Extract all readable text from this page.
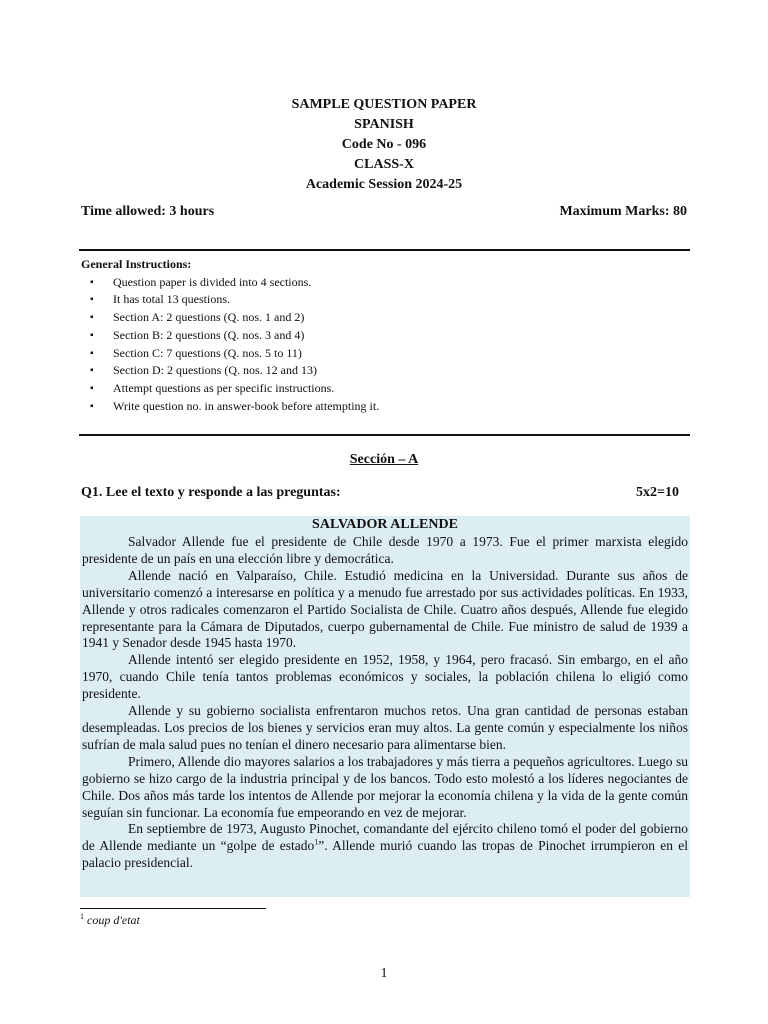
SAMPLE QUESTION PAPER
SPANISH
Code No - 096
CLASS-X
Academic Session 2024-25
Time allowed: 3 hours	Maximum Marks: 80
General Instructions:
▪ Question paper is divided into 4 sections.
▪ It has total 13 questions.
▪ Section A: 2 questions (Q. nos. 1 and 2)
▪ Section B: 2 questions (Q. nos. 3 and 4)
▪ Section C: 7 questions (Q. nos. 5 to 11)
▪ Section D: 2 questions (Q. nos. 12 and 13)
▪ Attempt questions as per specific instructions.
▪ Write question no. in answer-book before attempting it.
Sección – A
Q1. Lee el texto y responde a las preguntas:	5x2=10
SALVADOR ALLENDE

Salvador Allende fue el presidente de Chile desde 1970 a 1973. Fue el primer marxista elegido presidente de un país en una elección libre y democrática.

Allende nació en Valparaíso, Chile. Estudió medicina en la Universidad. Durante sus años de universitario comenzó a interesarse en política y a menudo fue arrestado por sus actividades políticas. En 1933, Allende y otros radicales comenzaron el Partido Socialista de Chile. Cuatro años después, Allende fue elegido representante para la Cámara de Diputados, cuerpo gubernamental de Chile. Fue ministro de salud de 1939 a 1941 y Senador desde 1945 hasta 1970.

Allende intentó ser elegido presidente en 1952, 1958, y 1964, pero fracasó. Sin embargo, en el año 1970, cuando Chile tenía tantos problemas económicos y sociales, la población chilena lo eligió como presidente.

Allende y su gobierno socialista enfrentaron muchos retos. Una gran cantidad de personas estaban desempleadas. Los precios de los bienes y servicios eran muy altos. La gente común y especialmente los niños sufrían de mala salud pues no tenían el dinero necesario para alimentarse bien.

Primero, Allende dio mayores salarios a los trabajadores y más tierra a pequeños agricultores. Luego su gobierno se hizo cargo de la industria principal y de los bancos. Todo esto molestó a los líderes negociantes de Chile. Dos años más tarde los intentos de Allende por mejorar la economía chilena y la vida de la gente común seguían sin funcionar. La economía fue empeorando en vez de mejorar.

En septiembre de 1973, Augusto Pinochet, comandante del ejército chileno tomó el poder del gobierno de Allende mediante un “golpe de estado$^1$”. Allende murió cuando las tropas de Pinochet irrumpieron en el palacio presidencial.

$^1$ coup d'etat
1
